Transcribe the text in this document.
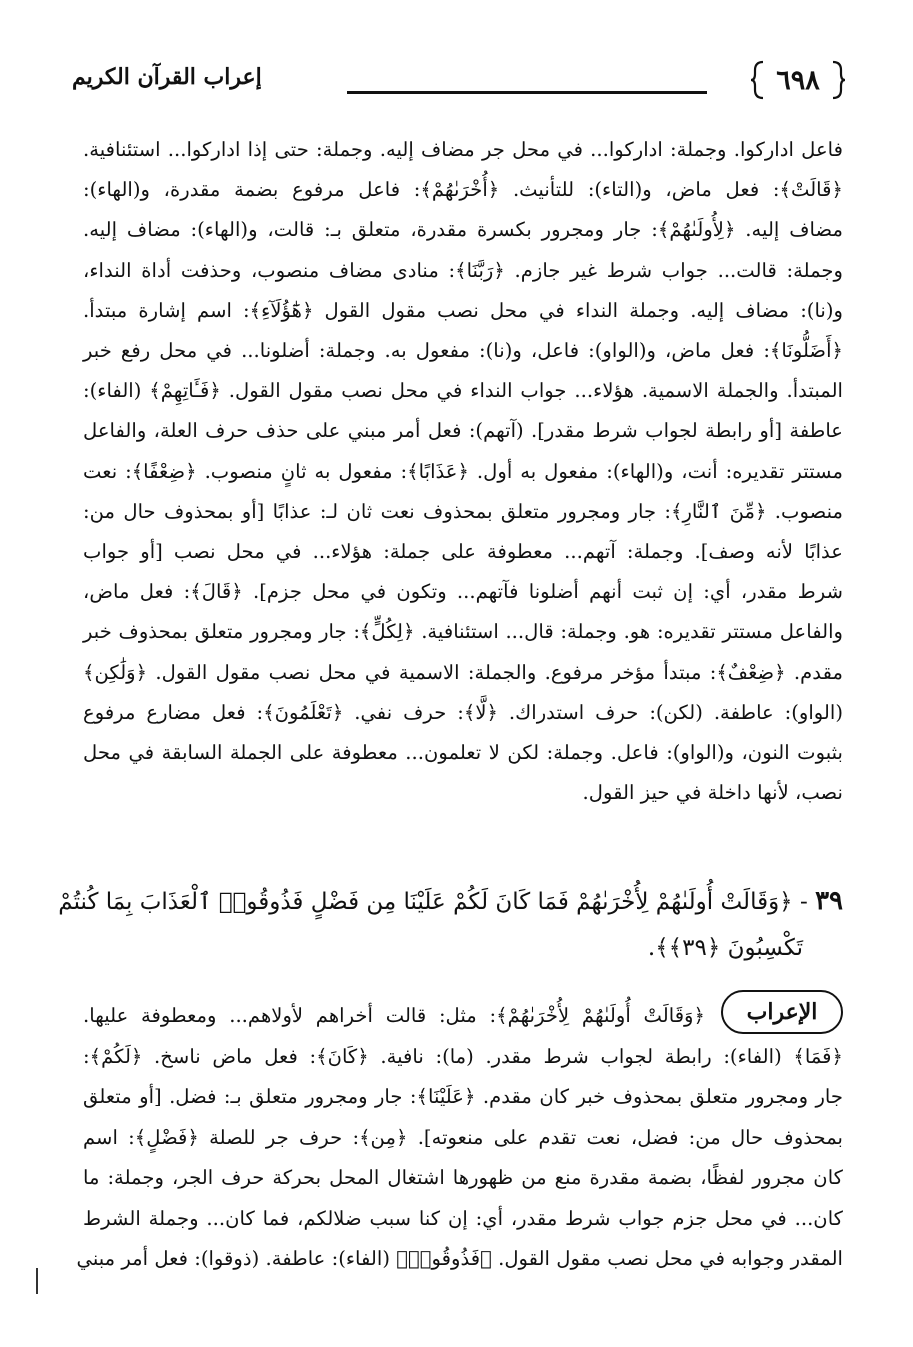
٦٩٨
إعراب القرآن الكريم
فاعل اداركوا. وجملة: اداركوا... في محل جر مضاف إليه. وجملة: حتى إذا اداركوا... استئنافية.
﴿قَالَتْ﴾: فعل ماض، و(التاء): للتأنيث. ﴿أُخْرَىٰهُمْ﴾: فاعل مرفوع بضمة مقدرة، و(الهاء):
مضاف إليه. ﴿لِأُولَىٰهُمْ﴾: جار ومجرور بكسرة مقدرة، متعلق بـ: قالت، و(الهاء): مضاف إليه.
وجملة: قالت... جواب شرط غير جازم. ﴿رَبَّنَا﴾: منادى مضاف منصوب، وحذفت أداة النداء،
و(نا): مضاف إليه. وجملة النداء في محل نصب مقول القول ﴿هَٰٓؤُلَآءِ﴾: اسم إشارة مبتدأ.
﴿أَضَلُّونَا﴾: فعل ماض، و(الواو): فاعل، و(نا): مفعول به. وجملة: أضلونا... في محل رفع خبر
المبتدأ. والجملة الاسمية. هؤلاء... جواب النداء في محل نصب مقول القول. ﴿فَـَٔاتِهِمْ﴾ (الفاء):
عاطفة [أو رابطة لجواب شرط مقدر]. (آتهم): فعل أمر مبني على حذف حرف العلة، والفاعل
مستتر تقديره: أنت، و(الهاء): مفعول به أول. ﴿عَذَابًا﴾: مفعول به ثانٍ منصوب. ﴿ضِعْفًا﴾: نعت
منصوب. ﴿مِّنَ ٱلنَّارِ﴾: جار ومجرور متعلق بمحذوف نعت ثان لـ: عذابًا [أو بمحذوف حال من:
عذابًا لأنه وصف]. وجملة: آتهم... معطوفة على جملة: هؤلاء... في محل نصب [أو جواب
شرط مقدر، أي: إن ثبت أنهم أضلونا فآتهم... وتكون في محل جزم]. ﴿قَالَ﴾: فعل ماض،
والفاعل مستتر تقديره: هو. وجملة: قال... استئنافية. ﴿لِكُلٍّ﴾: جار ومجرور متعلق بمحذوف خبر
مقدم. ﴿ضِعْفٌ﴾: مبتدأ مؤخر مرفوع. والجملة: الاسمية في محل نصب مقول القول. ﴿وَلَٰكِن﴾
(الواو): عاطفة. (لكن): حرف استدراك. ﴿لَّا﴾: حرف نفي. ﴿تَعْلَمُونَ﴾: فعل مضارع مرفوع
بثبوت النون، و(الواو): فاعل. وجملة: لكن لا تعلمون... معطوفة على الجملة السابقة في محل
نصب، لأنها داخلة في حيز القول.
٣٩ - ﴿وَقَالَتْ أُولَىٰهُمْ لِأُخْرَىٰهُمْ فَمَا كَانَ لَكُمْ عَلَيْنَا مِن فَضْلٍ فَذُوقُوا۟ ٱلْعَذَابَ بِمَا كُنتُمْ
تَكْسِبُونَ ﴿٣٩﴾﴾.
الإعراب
﴿وَقَالَتْ أُولَىٰهُمْ لِأُخْرَىٰهُمْ﴾: مثل: قالت أخراهم لأولاهم... ومعطوفة عليها.
﴿فَمَا﴾ (الفاء): رابطة لجواب شرط مقدر. (ما): نافية. ﴿كَانَ﴾: فعل ماض ناسخ. ﴿لَكُمْ﴾:
جار ومجرور متعلق بمحذوف خبر كان مقدم. ﴿عَلَيْنَا﴾: جار ومجرور متعلق بـ: فضل. [أو متعلق
بمحذوف حال من: فضل، نعت تقدم على منعوته]. ﴿مِن﴾: حرف جر للصلة ﴿فَضْلٍ﴾: اسم
كان مجرور لفظًا، بضمة مقدرة منع من ظهورها اشتغال المحل بحركة حرف الجر، وجملة: ما
كان... في محل جزم جواب شرط مقدر، أي: إن كنا سبب ضلالكم، فما كان... وجملة الشرط
المقدر وجوابه في محل نصب مقول القول. ﴿فَذُوقُوا۟﴾ (الفاء): عاطفة. (ذوقوا): فعل أمر مبني
